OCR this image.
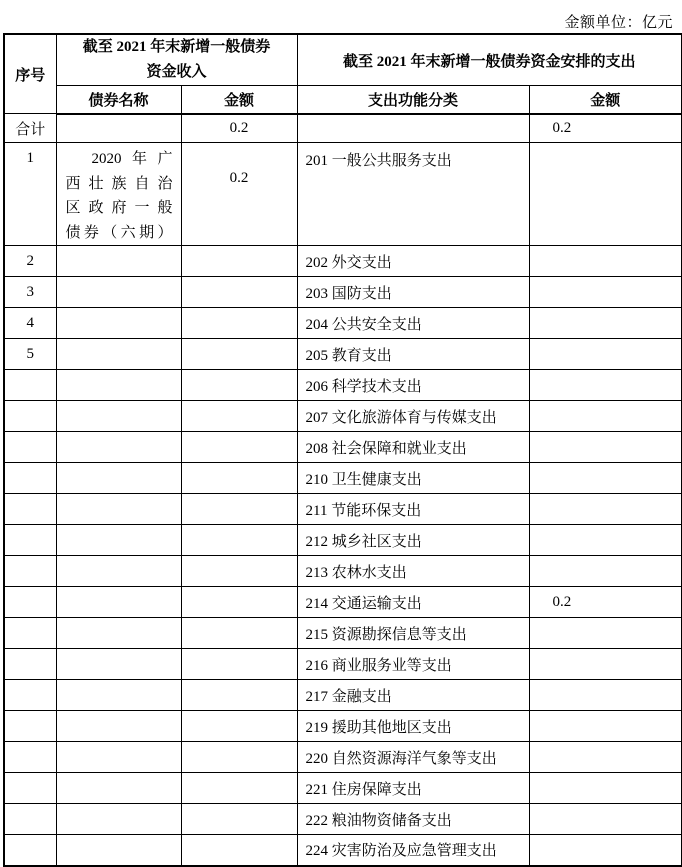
金额单位：亿元
序号	截至 2021 年末新增一般债券资金收入		截至 2021 年末新增一般债券资金安排的支出	
	债券名称	金额	支出功能分类	金额
合计		0.2		0.2
1	2020 年 广
西 壮 族 自 治
区 政 府 一 般
债 券 （ 六 期 ）
	0.2	201 一般公共服务支出	
2			202 外交支出	
3			203 国防支出	
4			204 公共安全支出	
5			205 教育支出	
			206 科学技术支出	
			207 文化旅游体育与传媒支出	
			208 社会保障和就业支出	
			210 卫生健康支出	
			211 节能环保支出	
			212 城乡社区支出	
			213 农林水支出	
			214 交通运输支出	0.2
			215 资源勘探信息等支出	
			216 商业服务业等支出	
			217 金融支出	
			219 援助其他地区支出	
			220 自然资源海洋气象等支出	
			221 住房保障支出	
			222 粮油物资储备支出	
			224 灾害防治及应急管理支出	
